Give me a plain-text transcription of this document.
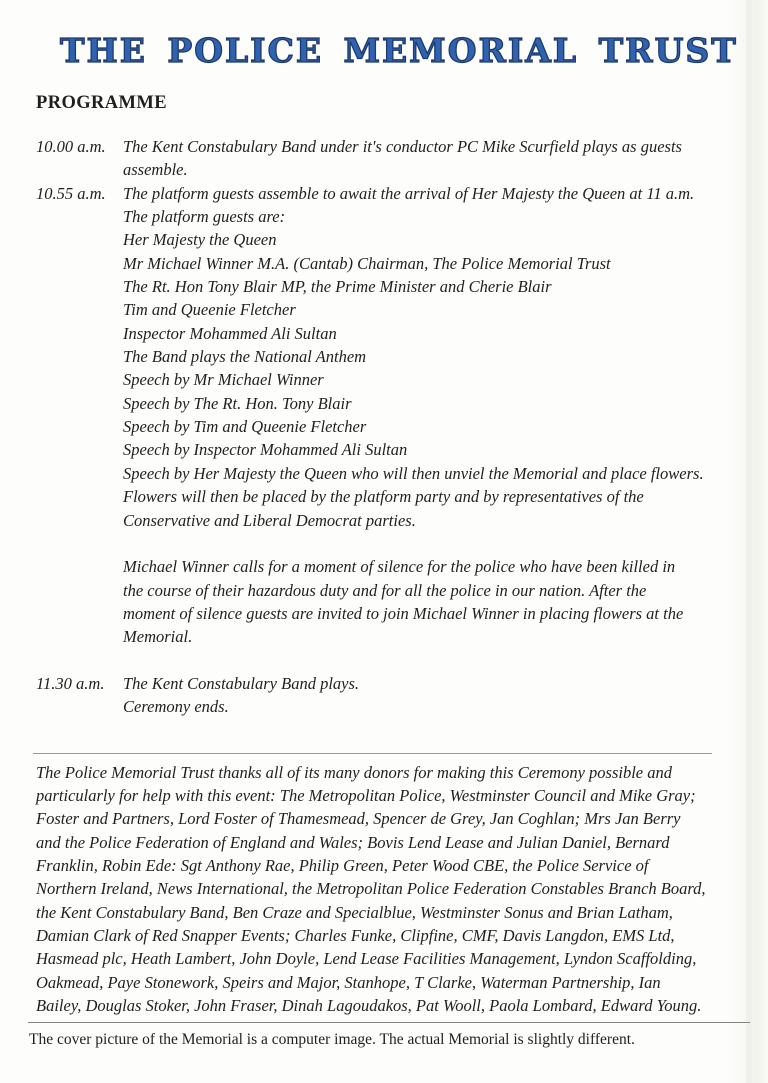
THE POLICE MEMORIAL TRUST
PROGRAMME
10.00 a.m.	The Kent Constabulary Band under it's conductor PC Mike Scurfield plays as guests
assemble.
10.55 a.m.	The platform guests assemble to await the arrival of Her Majesty the Queen at 11 a.m.
The platform guests are:
Her Majesty the Queen
Mr Michael Winner M.A. (Cantab) Chairman, The Police Memorial Trust
The Rt. Hon Tony Blair MP, the Prime Minister and Cherie Blair
Tim and Queenie Fletcher
Inspector Mohammed Ali Sultan
The Band plays the National Anthem
Speech by Mr Michael Winner
Speech by The Rt. Hon. Tony Blair
Speech by Tim and Queenie Fletcher
Speech by Inspector Mohammed Ali Sultan
Speech by Her Majesty the Queen who will then unviel the Memorial and place flowers.
Flowers will then be placed by the platform party and by representatives of the
Conservative and Liberal Democrat parties.
Michael Winner calls for a moment of silence for the police who have been killed in
the course of their hazardous duty and for all the police in our nation. After the
moment of silence guests are invited to join Michael Winner in placing flowers at the
Memorial.
11.30 a.m.	The Kent Constabulary Band plays.
Ceremony ends.
The Police Memorial Trust thanks all of its many donors for making this Ceremony possible and
particularly for help with this event: The Metropolitan Police, Westminster Council and Mike Gray;
Foster and Partners, Lord Foster of Thamesmead, Spencer de Grey, Jan Coghlan; Mrs Jan Berry
and the Police Federation of England and Wales; Bovis Lend Lease and Julian Daniel, Bernard
Franklin, Robin Ede: Sgt Anthony Rae, Philip Green, Peter Wood CBE, the Police Service of
Northern Ireland, News International, the Metropolitan Police Federation Constables Branch Board,
the Kent Constabulary Band, Ben Craze and Specialblue, Westminster Sonus and Brian Latham,
Damian Clark of Red Snapper Events; Charles Funke, Clipfine, CMF, Davis Langdon, EMS Ltd,
Hasmead plc, Heath Lambert, John Doyle, Lend Lease Facilities Management, Lyndon Scaffolding,
Oakmead, Paye Stonework, Speirs and Major, Stanhope, T Clarke, Waterman Partnership, Ian
Bailey, Douglas Stoker, John Fraser, Dinah Lagoudakos, Pat Wooll, Paola Lombard, Edward Young.

The cover picture of the Memorial is a computer image. The actual Memorial is slightly different.
